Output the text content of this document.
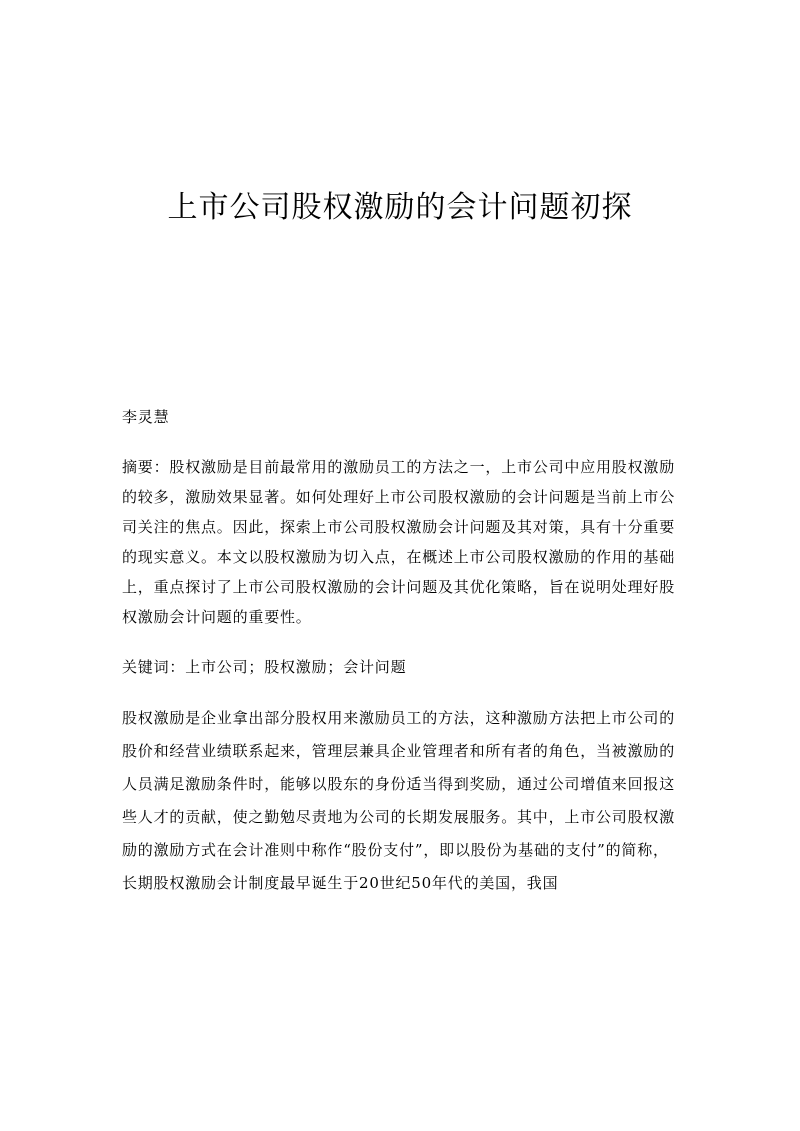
上市公司股权激励的会计问题初探

李灵慧

摘要：股权激励是目前最常用的激励员工的方法之一，上市公司中应用股权激励的较多，激励效果显著。如何处理好上市公司股权激励的会计问题是当前上市公司关注的焦点。因此，探索上市公司股权激励会计问题及其对策，具有十分重要的现实意义。本文以股权激励为切入点，在概述上市公司股权激励的作用的基础上，重点探讨了上市公司股权激励的会计问题及其优化策略，旨在说明处理好股权激励会计问题的重要性。

关键词：上市公司；股权激励；会计问题

股权激励是企业拿出部分股权用来激励员工的方法，这种激励方法把上市公司的股价和经营业绩联系起来，管理层兼具企业管理者和所有者的角色，当被激励的人员满足激励条件时，能够以股东的身份适当得到奖励，通过公司增值来回报这些人才的贡献，使之勤勉尽责地为公司的长期发展服务。其中，上市公司股权激励的激励方式在会计准则中称作“股份支付”，即以股份为基础的支付”的简称，长期股权激励会计制度最早诞生于20世纪50年代的美国，我国
